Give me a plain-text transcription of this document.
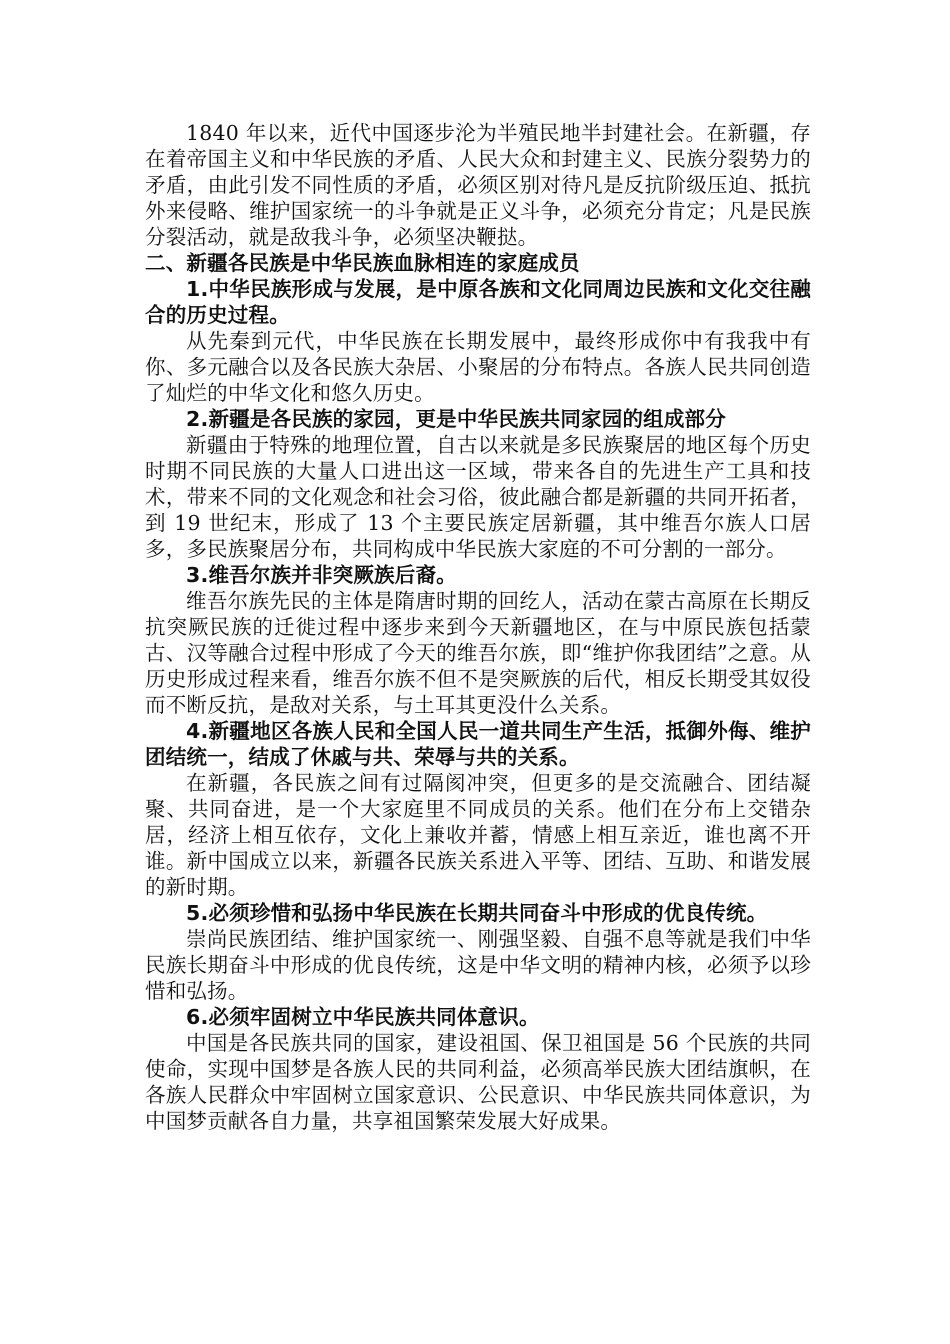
1840 年以来，近代中国逐步沦为半殖民地半封建社会。在新疆，存在着帝国主义和中华民族的矛盾、人民大众和封建主义、民族分裂势力的矛盾，由此引发不同性质的矛盾，必须区别对待凡是反抗阶级压迫、抵抗外来侵略、维护国家统一的斗争就是正义斗争，必须充分肯定；凡是民族分裂活动，就是敌我斗争，必须坚决鞭挞。

二、新疆各民族是中华民族血脉相连的家庭成员

1.中华民族形成与发展，是中原各族和文化同周边民族和文化交往融合的历史过程。

从先秦到元代，中华民族在长期发展中，最终形成你中有我我中有你、多元融合以及各民族大杂居、小聚居的分布特点。各族人民共同创造了灿烂的中华文化和悠久历史。

2.新疆是各民族的家园，更是中华民族共同家园的组成部分

新疆由于特殊的地理位置，自古以来就是多民族聚居的地区每个历史时期不同民族的大量人口进出这一区域，带来各自的先进生产工具和技术，带来不同的文化观念和社会习俗，彼此融合都是新疆的共同开拓者，到 19 世纪末，形成了 13 个主要民族定居新疆，其中维吾尔族人口居多，多民族聚居分布，共同构成中华民族大家庭的不可分割的一部分。

3.维吾尔族并非突厥族后裔。

维吾尔族先民的主体是隋唐时期的回纥人，活动在蒙古高原在长期反抗突厥民族的迁徙过程中逐步来到今天新疆地区，在与中原民族包括蒙古、汉等融合过程中形成了今天的维吾尔族，即“维护你我团结”之意。从历史形成过程来看，维吾尔族不但不是突厥族的后代，相反长期受其奴役而不断反抗，是敌对关系，与土耳其更没什么关系。

4.新疆地区各族人民和全国人民一道共同生产生活，抵御外侮、维护团结统一，结成了休戚与共、荣辱与共的关系。

在新疆，各民族之间有过隔阂冲突，但更多的是交流融合、团结凝聚、共同奋进，是一个大家庭里不同成员的关系。他们在分布上交错杂居，经济上相互依存，文化上兼收并蓄，情感上相互亲近，谁也离不开谁。新中国成立以来，新疆各民族关系进入平等、团结、互助、和谐发展的新时期。

5.必须珍惜和弘扬中华民族在长期共同奋斗中形成的优良传统。

崇尚民族团结、维护国家统一、刚强坚毅、自强不息等就是我们中华民族长期奋斗中形成的优良传统，这是中华文明的精神内核，必须予以珍惜和弘扬。

6.必须牢固树立中华民族共同体意识。

中国是各民族共同的国家，建设祖国、保卫祖国是 56 个民族的共同使命，实现中国梦是各族人民的共同利益，必须高举民族大团结旗帜，在各族人民群众中牢固树立国家意识、公民意识、中华民族共同体意识，为中国梦贡献各自力量，共享祖国繁荣发展大好成果。
